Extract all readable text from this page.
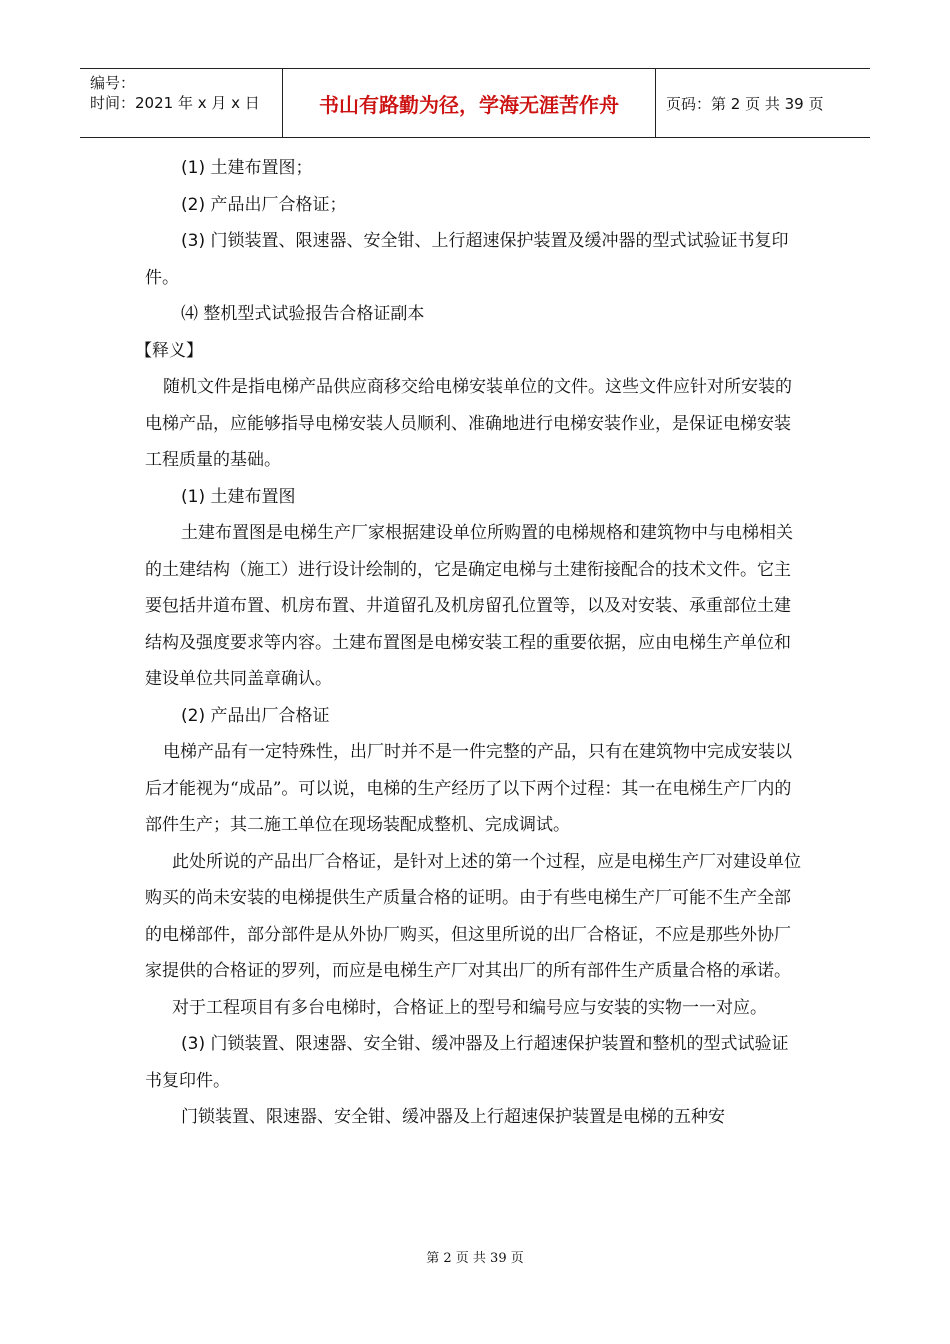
编号：
时间：2021 年 x 月 x 日	书山有路勤为径，学海无涯苦作舟	页码：第 2 页 共 39 页

(1) 土建布置图；

(2) 产品出厂合格证；

(3) 门锁装置、限速器、安全钳、上行超速保护装置及缓冲器的型式试验证书复印件。

⑷ 整机型式试验报告合格证副本

【释义】

随机文件是指电梯产品供应商移交给电梯安装单位的文件。这些文件应针对所安装的电梯产品，应能够指导电梯安装人员顺利、准确地进行电梯安装作业，是保证电梯安装工程质量的基础。

(1) 土建布置图

土建布置图是电梯生产厂家根据建设单位所购置的电梯规格和建筑物中与电梯相关的土建结构（施工）进行设计绘制的，它是确定电梯与土建衔接配合的技术文件。它主要包括井道布置、机房布置、井道留孔及机房留孔位置等，以及对安装、承重部位土建结构及强度要求等内容。土建布置图是电梯安装工程的重要依据，应由电梯生产单位和建设单位共同盖章确认。

(2) 产品出厂合格证

电梯产品有一定特殊性，出厂时并不是一件完整的产品，只有在建筑物中完成安装以后才能视为“成品”。可以说，电梯的生产经历了以下两个过程：其一在电梯生产厂内的部件生产；其二施工单位在现场装配成整机、完成调试。

此处所说的产品出厂合格证，是针对上述的第一个过程，应是电梯生产厂对建设单位购买的尚未安装的电梯提供生产质量合格的证明。由于有些电梯生产厂可能不生产全部的电梯部件，部分部件是从外协厂购买，但这里所说的出厂合格证，不应是那些外协厂家提供的合格证的罗列，而应是电梯生产厂对其出厂的所有部件生产质量合格的承诺。

对于工程项目有多台电梯时，合格证上的型号和编号应与安装的实物一一对应。

(3) 门锁装置、限速器、安全钳、缓冲器及上行超速保护装置和整机的型式试验证书复印件。

门锁装置、限速器、安全钳、缓冲器及上行超速保护装置是电梯的五种安

第 2 页 共 39 页
